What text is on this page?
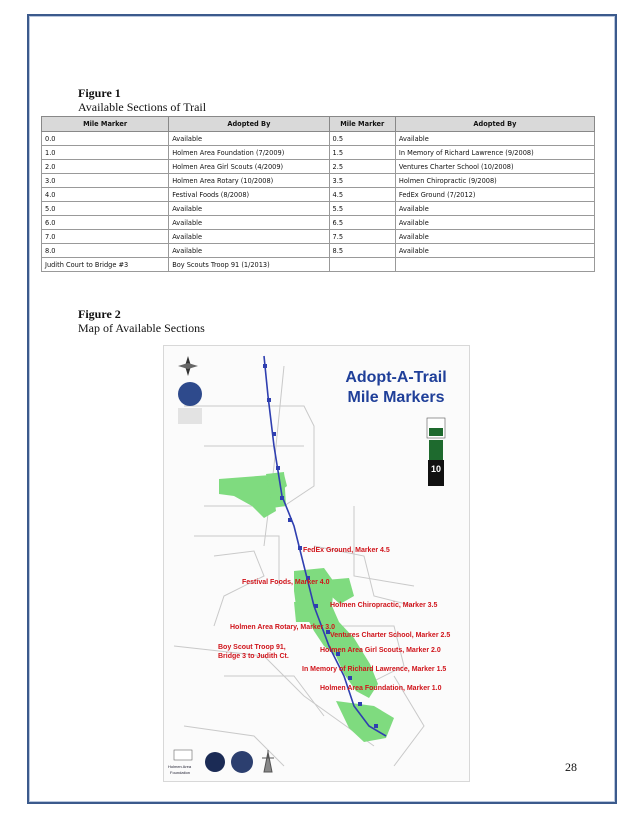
Figure 1
Available Sections of Trail
Mile Marker	Adopted By	Mile Marker	Adopted By
0.0	Available	0.5	Available
1.0	Holmen Area Foundation (7/2009)	1.5	In Memory of Richard Lawrence (9/2008)
2.0	Holmen Area Girl Scouts (4/2009)	2.5	Ventures Charter School (10/2008)
3.0	Holmen Area Rotary (10/2008)	3.5	Holmen Chiropractic (9/2008)
4.0	Festival Foods (8/2008)	4.5	FedEx Ground (7/2012)
5.0	Available	5.5	Available
6.0	Available	6.5	Available
7.0	Available	7.5	Available
8.0	Available	8.5	Available
Judith Court to Bridge #3	Boy Scouts Troop 91 (1/2013)		
Figure 2
Map of Available Sections
Adopt-A-Trail
Mile Markers
10
FedEx Ground, Marker 4.5
Festival Foods, Marker 4.0
Holmen Chiropractic, Marker 3.5
Holmen Area Rotary, Marker 3.0
Ventures Charter School, Marker 2.5
Boy Scout Troop 91,
Bridge 3 to Judith Ct.
Holmen Area Girl Scouts, Marker 2.0
In Memory of Richard Lawrence, Marker 1.5
Holmen Area Foundation, Marker 1.0
Holmen Area
Foundation	28
